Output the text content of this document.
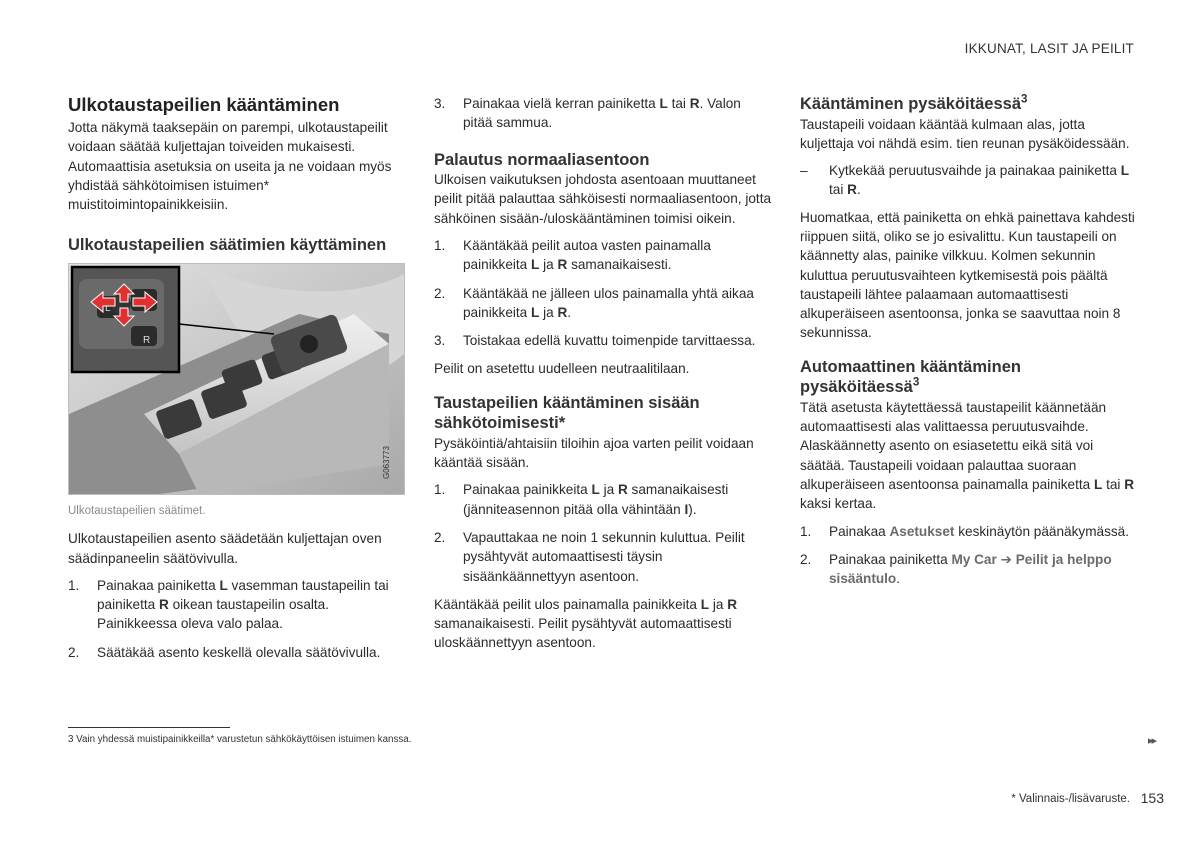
IKKUNAT, LASIT JA PEILIT
Ulkotaustapeilien kääntäminen

Jotta näkymä taaksepäin on parempi, ulkotaustapeilit voidaan säätää kuljettajan toiveiden mukaisesti. Automaattisia asetuksia on useita ja ne voidaan myös yhdistää sähkötoimisen istuimen* muistitoimintopainikkeisiin.

Ulkotaustapeilien säätimien käyttäminen
R
L
G063773
Ulkotaustapeilien säätimet.

Ulkotaustapeilien asento säädetään kuljettajan oven säädinpaneelin säätövivulla.

1. Painakaa painiketta L vasemman taustapeilin tai painiketta R oikean taustapeilin osalta. Painikkeessa oleva valo palaa.
2. Säätäkää asento keskellä olevalla säätövivulla.
3. Painakaa vielä kerran painiketta L tai R. Valon pitää sammua.
Palautus normaaliasentoon

Ulkoisen vaikutuksen johdosta asentoaan muuttaneet peilit pitää palauttaa sähköisesti normaaliasentoon, jotta sähköinen sisään-/uloskääntäminen toimisi oikein.

1. Kääntäkää peilit autoa vasten painamalla painikkeita L ja R samanaikaisesti.
2. Kääntäkää ne jälleen ulos painamalla yhtä aikaa painikkeita L ja R.
3. Toistakaa edellä kuvattu toimenpide tarvittaessa.

Peilit on asetettu uudelleen neutraalitilaan.

Taustapeilien kääntäminen sisään sähkötoimisesti*

Pysäköintiä/ahtaisiin tiloihin ajoa varten peilit voidaan kääntää sisään.

1. Painakaa painikkeita L ja R samanaikaisesti (jänniteasennon pitää olla vähintään I).
2. Vapauttakaa ne noin 1 sekunnin kuluttua. Peilit pysähtyvät automaattisesti täysin sisäänkäännettyyn asentoon.

Kääntäkää peilit ulos painamalla painikkeita L ja R samanaikaisesti. Peilit pysähtyvät automaattisesti uloskäännettyyn asentoon.

Kääntäminen pysäköitäessä$^3$

Taustapeili voidaan kääntää kulmaan alas, jotta kuljettaja voi nähdä esim. tien reunan pysäköidessään.

– Kytkekää peruutusvaihde ja painakaa painiketta L tai R.

Huomatkaa, että painiketta on ehkä painettava kahdesti riippuen siitä, oliko se jo esivalittu. Kun taustapeili on käännetty alas, painike vilkkuu. Kolmen sekunnin kuluttua peruutusvaihteen kytkemisestä pois päältä taustapeili lähtee palaamaan automaattisesti alkuperäiseen asentoonsa, jonka se saavuttaa noin 8 sekunnissa.

Automaattinen kääntäminen pysäköitäessä$^3$

Tätä asetusta käytettäessä taustapeilit käännetään automaattisesti alas valittaessa peruutusvaihde. Alaskäännetty asento on esiasetettu eikä sitä voi säätää. Taustapeili voidaan palauttaa suoraan alkuperäiseen asentoonsa painamalla painiketta L tai R kaksi kertaa.

1. Painakaa Asetukset keskinäytön päänäkymässä.
2. Painakaa painiketta My Car ➔ Peilit ja helppo sisääntulo.
3 Vain yhdessä muistipainikkeilla* varustetun sähkökäyttöisen istuimen kanssa.	▸▸
* Valinnais-/lisävaruste. 153
